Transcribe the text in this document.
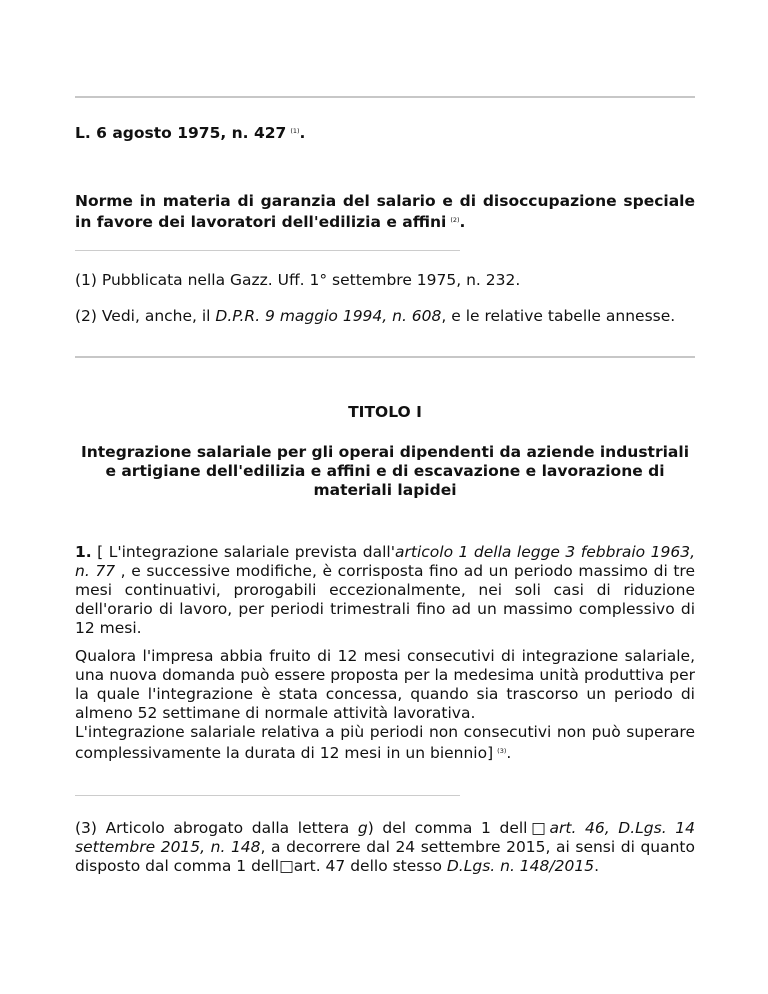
L. 6 agosto 1975, n. 427 $^{(1)}$.
Norme in materia di garanzia del salario e di disoccupazione speciale in favore dei lavoratori dell'edilizia e affini $^{(2)}$.
(1) Pubblicata nella Gazz. Uff. 1° settembre 1975, n. 232.
(2) Vedi, anche, il D.P.R. 9 maggio 1994, n. 608, e le relative tabelle annesse.
TITOLO I
Integrazione salariale per gli operai dipendenti da aziende industriali e artigiane dell'edilizia e affini e di escavazione e lavorazione di materiali lapidei
1. [ L'integrazione salariale prevista dall'articolo 1 della legge 3 febbraio 1963, n. 77 , e successive modifiche, è corrisposta fino ad un periodo massimo di tre mesi continuativi, prorogabili eccezionalmente, nei soli casi di riduzione dell'orario di lavoro, per periodi trimestrali fino ad un massimo complessivo di 12 mesi.
Qualora l'impresa abbia fruito di 12 mesi consecutivi di integrazione salariale, una nuova domanda può essere proposta per la medesima unità produttiva per la quale l'integrazione è stata concessa, quando sia trascorso un periodo di almeno 52 settimane di normale attività lavorativa.
L'integrazione salariale relativa a più periodi non consecutivi non può superare complessivamente la durata di 12 mesi in un biennio] $^{(3)}$.
(3) Articolo abrogato dalla lettera g) del comma 1 dell□art. 46, D.Lgs. 14 settembre 2015, n. 148, a decorrere dal 24 settembre 2015, ai sensi di quanto disposto dal comma 1 dell□art. 47 dello stesso D.Lgs. n. 148/2015.
